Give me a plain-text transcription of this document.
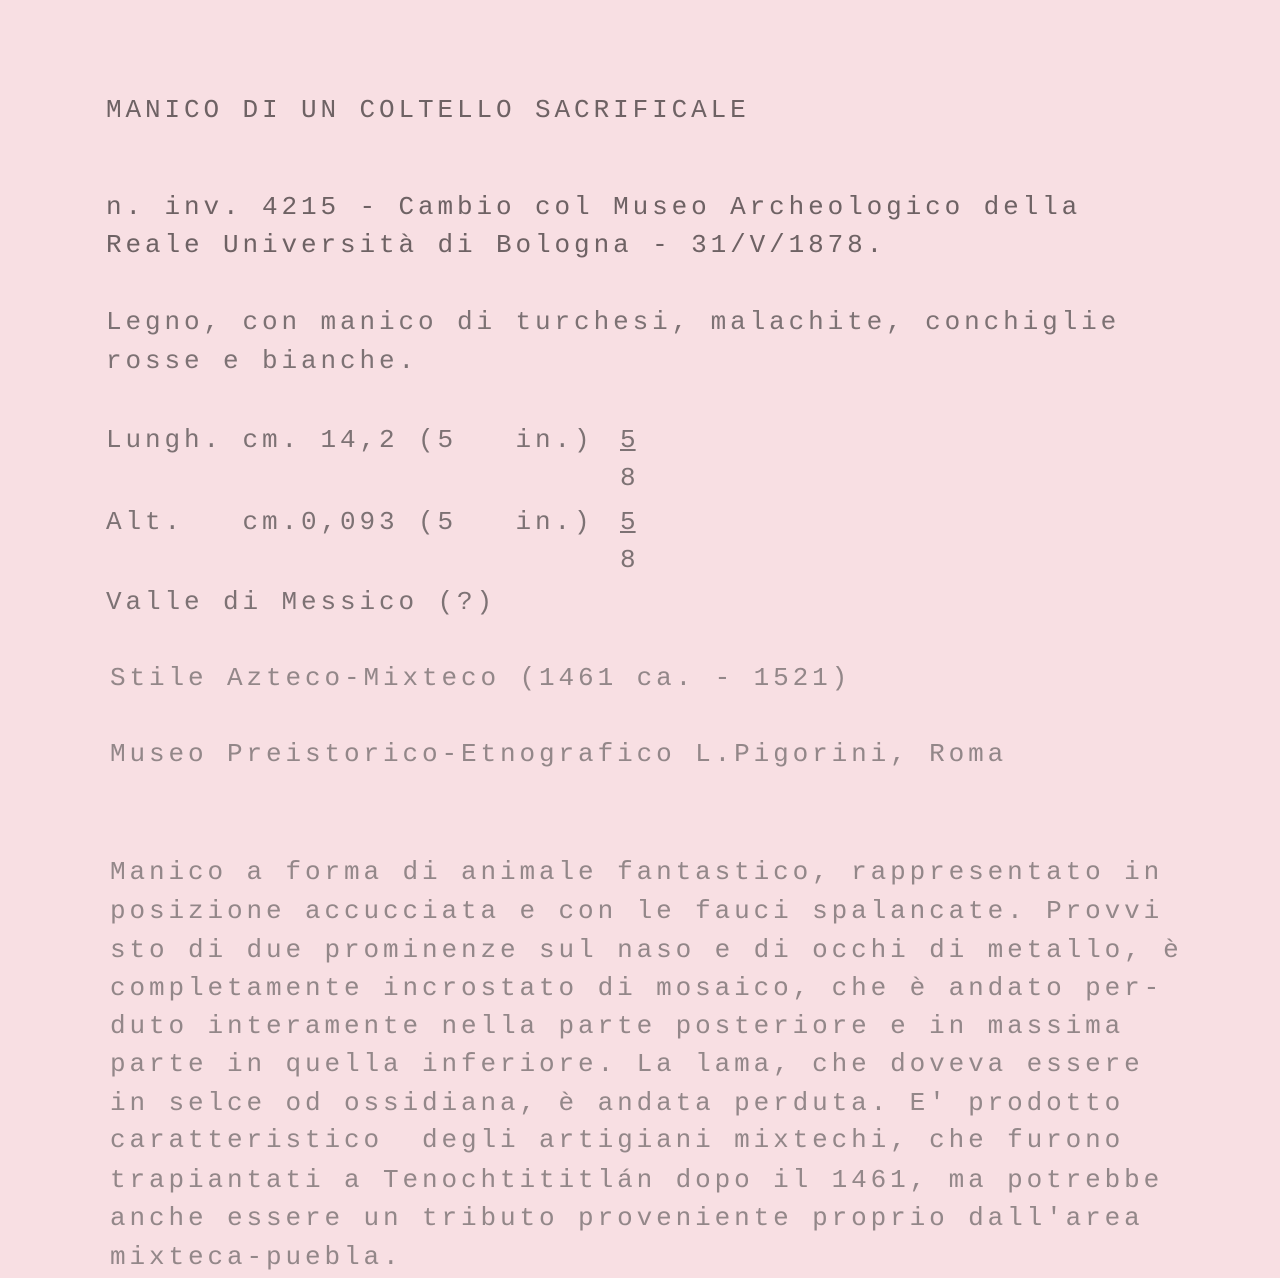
MANICO DI UN COLTELLO SACRIFICALE
n. inv. 4215 - Cambio col Museo Archeologico della
Reale Università di Bologna - 31/V/1878.
Legno, con manico di turchesi, malachite, conchiglie
rosse e bianche.
Lungh. cm. 14,2 (5   in.) 5
8
Alt.   cm.0,093 (5   in.) 5
8
Valle di Messico (?)
Stile Azteco-Mixteco (1461 ca. - 1521)
Museo Preistorico-Etnografico L.Pigorini, Roma
Manico a forma di animale fantastico, rappresentato in
posizione accucciata e con le fauci spalancate. Provvi
sto di due prominenze sul naso e di occhi di metallo, è
completamente incrostato di mosaico, che è andato per-
duto interamente nella parte posteriore e in massima
parte in quella inferiore. La lama, che doveva essere
in selce od ossidiana, è andata perduta. E' prodotto
caratteristico  degli artigiani mixtechi, che furono
trapiantati a Tenochtititlán dopo il 1461, ma potrebbe
anche essere un tributo proveniente proprio dall'area
mixteca-puebla.
